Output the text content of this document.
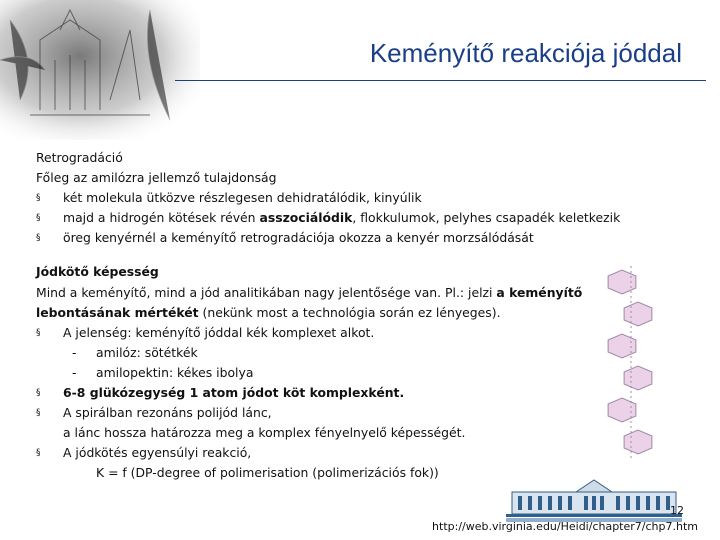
Keményítő reakciója jóddal
Retrogradáció
Főleg az amilózra jellemző tulajdonság
§ két molekula ütközve részlegesen dehidratálódik, kinyúlik
§ majd a hidrogén kötések révén asszociálódik, flokkulumok, pelyhes csapadék keletkezik
§ öreg kenyérnél a keményítő retrogradációja okozza a kenyér morzsálódását
Jódkötő képesség
Mind a keményítő, mind a jód analitikában nagy jelentősége van. Pl.: jelzi a keményítő
lebontásának mértékét (nekünk most a technológia során ez lényeges).
§ A jelenség: keményítő jóddal kék komplexet alkot.
- amilóz: sötétkék
- amilopektin: kékes ibolya
§ 6-8 glükózegység 1 atom jódot köt komplexként.
§ A spirálban rezonáns polijód lánc,
a lánc hossza határozza meg a komplex fényelnyelő képességét.
§ A jódkötés egyensúlyi reakció,
K = f (DP-degree of polimerisation (polimerizációs fok))
12
http://web.virginia.edu/Heidi/chapter7/chp7.htm
